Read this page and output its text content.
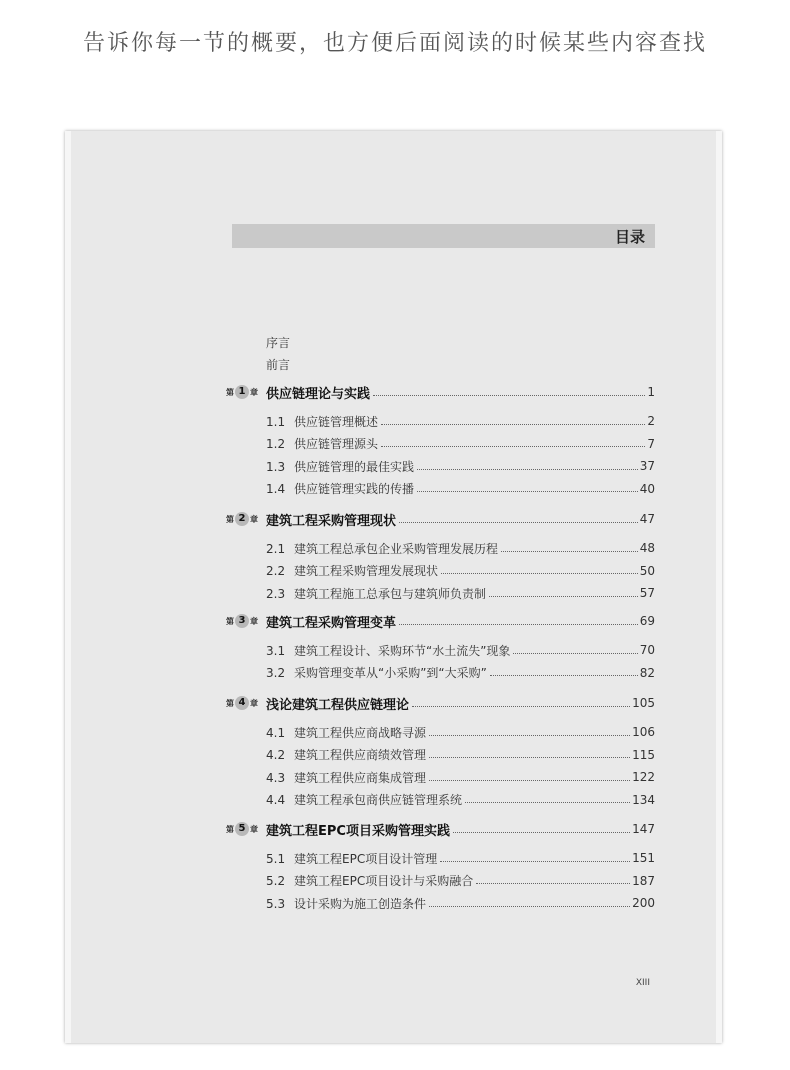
告诉你每一节的概要，也方便后面阅读的时候某些内容查找
目录
序言
前言
第 1 章 供应链理论与实践	1
1.1 供应链管理概述	2
1.2 供应链管理源头	7
1.3 供应链管理的最佳实践	37
1.4 供应链管理实践的传播	40
第 2 章 建筑工程采购管理现状	47
2.1 建筑工程总承包企业采购管理发展历程	48
2.2 建筑工程采购管理发展现状	50
2.3 建筑工程施工总承包与建筑师负责制	57
第 3 章 建筑工程采购管理变革	69
3.1 建筑工程设计、采购环节“水土流失”现象	70
3.2 采购管理变革从“小采购”到“大采购”	82
第 4 章 浅论建筑工程供应链理论	105
4.1 建筑工程供应商战略寻源	106
4.2 建筑工程供应商绩效管理	115
4.3 建筑工程供应商集成管理	122
4.4 建筑工程承包商供应链管理系统	134
第 5 章 建筑工程EPC项目采购管理实践	147
5.1 建筑工程EPC项目设计管理	151
5.2 建筑工程EPC项目设计与采购融合	187
5.3 设计采购为施工创造条件	200
XIII
